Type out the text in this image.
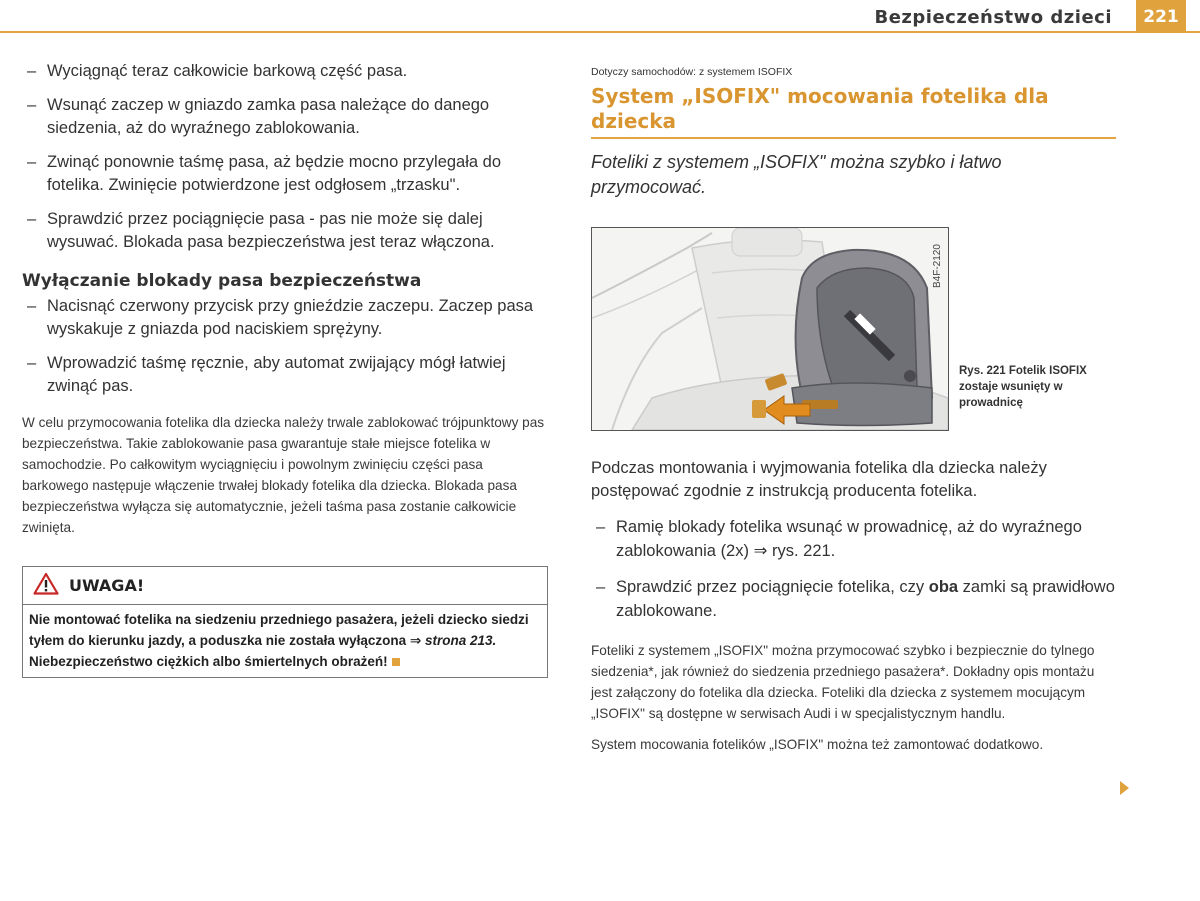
Bezpieczeństwo dzieci	221
– Wyciągnąć teraz całkowicie barkową część pasa.
– Wsunąć zaczep w gniazdo zamka pasa należące do danego siedzenia, aż do wyraźnego zablokowania.
– Zwinąć ponownie taśmę pasa, aż będzie mocno przylegała do fotelika. Zwinięcie potwierdzone jest odgłosem „trzasku".
– Sprawdzić przez pociągnięcie pasa - pas nie może się dalej wysuwać. Blokada pasa bezpieczeństwa jest teraz włączona.
Wyłączanie blokady pasa bezpieczeństwa
– Nacisnąć czerwony przycisk przy gnieździe zaczepu. Zaczep pasa wyskakuje z gniazda pod naciskiem sprężyny.
– Wprowadzić taśmę ręcznie, aby automat zwijający mógł łatwiej zwinąć pas.
W celu przymocowania fotelika dla dziecka należy trwale zablokować trójpunktowy pas bezpieczeństwa. Takie zablokowanie pasa gwarantuje stałe miejsce fotelika w samochodzie. Po całkowitym wyciągnięciu i powolnym zwinięciu części pasa barkowego następuje włączenie trwałej blokady fotelika dla dziecka. Blokada pasa bezpieczeństwa wyłącza się automatycznie, jeżeli taśma pasa zostanie całkowicie zwinięta.
UWAGA!
Nie montować fotelika na siedzeniu przedniego pasażera, jeżeli dziecko siedzi tyłem do kierunku jazdy, a poduszka nie została wyłączona ⇒ strona 213. Niebezpieczeństwo ciężkich albo śmiertelnych obrażeń!
Dotyczy samochodów: z systemem ISOFIX
System „ISOFIX" mocowania fotelika dla dziecka
Foteliki z systemem „ISOFIX" można szybko i łatwo przymocować.
B4F-2120
Rys. 221 Fotelik ISOFIX zostaje wsunięty w prowadnicę
Podczas montowania i wyjmowania fotelika dla dziecka należy postępować zgodnie z instrukcją producenta fotelika.
– Ramię blokady fotelika wsunąć w prowadnicę, aż do wyraźnego zablokowania (2x) ⇒ rys. 221.
– Sprawdzić przez pociągnięcie fotelika, czy oba zamki są prawidłowo zablokowane.
Foteliki z systemem „ISOFIX" można przymocować szybko i bezpiecznie do tylnego siedzenia*, jak również do siedzenia przedniego pasażera*. Dokładny opis montażu jest załączony do fotelika dla dziecka. Foteliki dla dziecka z systemem mocującym „ISOFIX" są dostępne w serwisach Audi i w specjalistycznym handlu.
System mocowania fotelików „ISOFIX" można też zamontować dodatkowo.
